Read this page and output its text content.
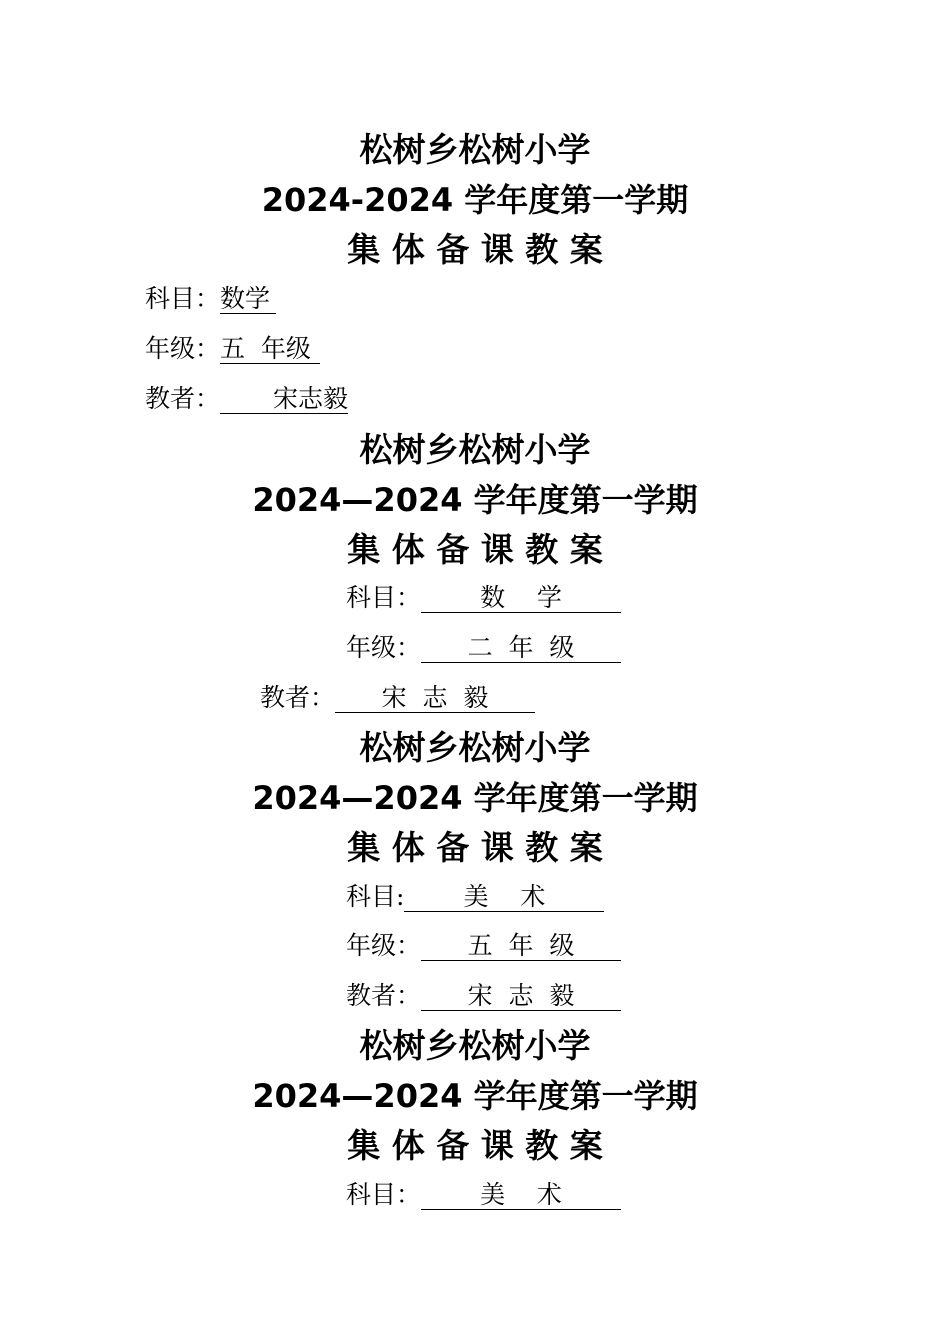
松树乡松树小学
2024-2024 学年度第一学期
集 体 备 课 教 案
科目：数学
年级：五  年级
教者： 宋志毅
松树乡松树小学
2024—2024 学年度第一学期
集 体 备 课 教 案
科目： 数    学
年级： 二  年  级
教者： 宋  志  毅
松树乡松树小学
2024—2024 学年度第一学期
集 体 备 课 教 案
科目: 美    术
年级： 五  年  级
教者： 宋  志  毅
松树乡松树小学
2024—2024 学年度第一学期
集 体 备 课 教 案
科目： 美    术
